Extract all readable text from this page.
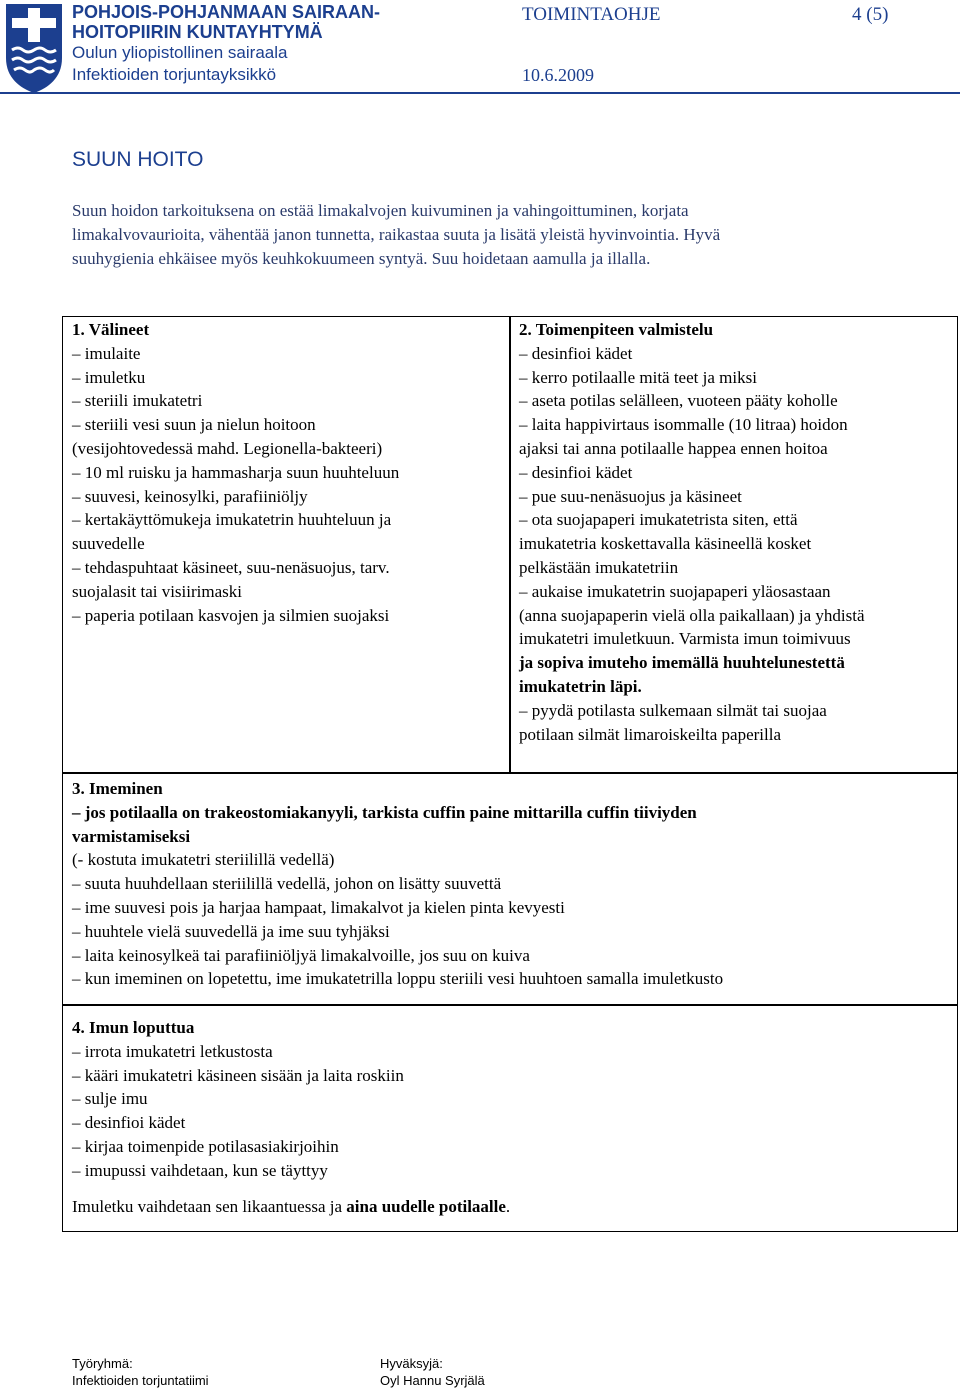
POHJOIS-POHJANMAAN SAIRAAN-
HOITOPIIRIN KUNTAYHTYMÄ
Oulun yliopistollinen sairaala
Infektioiden torjuntayksikkö
TOIMINTAOHJE	4 (5)
10.6.2009
SUUN HOITO
Suun hoidon tarkoituksena on estää limakalvojen kuivuminen ja vahingoittuminen, korjata
limakalvovaurioita, vähentää janon tunnetta, raikastaa suuta ja lisätä yleistä hyvinvointia. Hyvä
suuhygienia ehkäisee myös keuhkokuumeen syntyä. Suu hoidetaan aamulla ja illalla.
1. Välineet
– imulaite
– imuletku
– steriili imukatetri
– steriili vesi suun ja nielun hoitoon
(vesijohtovedessä mahd. Legionella-bakteeri)
– 10 ml ruisku ja hammasharja suun huuhteluun
– suuvesi, keinosylki, parafiiniöljy
– kertakäyttömukeja imukatetrin huuhteluun ja
suuvedelle
– tehdaspuhtaat käsineet, suu-nenäsuojus, tarv.
suojalasit tai visiirimaski
– paperia potilaan kasvojen ja silmien suojaksi
2. Toimenpiteen valmistelu
– desinfioi kädet
– kerro potilaalle mitä teet ja miksi
– aseta potilas selälleen, vuoteen pääty koholle
– laita happivirtaus isommalle (10 litraa) hoidon
ajaksi tai anna potilaalle happea ennen hoitoa
– desinfioi kädet
– pue suu-nenäsuojus ja käsineet
– ota suojapaperi imukatetrista siten, että
imukatetria koskettavalla käsineellä kosket
pelkästään imukatetriin
– aukaise imukatetrin suojapaperi yläosastaan
(anna suojapaperin vielä olla paikallaan) ja yhdistä
imukatetri imuletkuun. Varmista imun toimivuus
ja sopiva imuteho imemällä huuhtelunestettä
imukatetrin läpi.
– pyydä potilasta sulkemaan silmät tai suojaa
potilaan silmät limaroiskeilta paperilla
3. Imeminen
– jos potilaalla on trakeostomiakanyyli, tarkista cuffin paine mittarilla cuffin tiiviyden
varmistamiseksi
(- kostuta imukatetri steriilillä vedellä)
– suuta huuhdellaan steriilillä vedellä, johon on lisätty suuvettä
– ime suuvesi pois ja harjaa hampaat, limakalvot ja kielen pinta kevyesti
– huuhtele vielä suuvedellä ja ime suu tyhjäksi
– laita keinosylkeä tai parafiiniöljyä limakalvoille, jos suu on kuiva
– kun imeminen on lopetettu, ime imukatetrilla loppu steriili vesi huuhtoen samalla imuletkusto
4. Imun loputtua
– irrota imukatetri letkustosta
– kääri imukatetri käsineen sisään ja laita roskiin
– sulje imu
– desinfioi kädet
– kirjaa toimenpide potilasasiakirjoihin
– imupussi vaihdetaan, kun se täyttyy
Imuletku vaihdetaan sen likaantuessa ja aina uudelle potilaalle.
Työryhmä:
Infektioiden torjuntatiimi
Hyväksyjä:
Oyl Hannu Syrjälä
